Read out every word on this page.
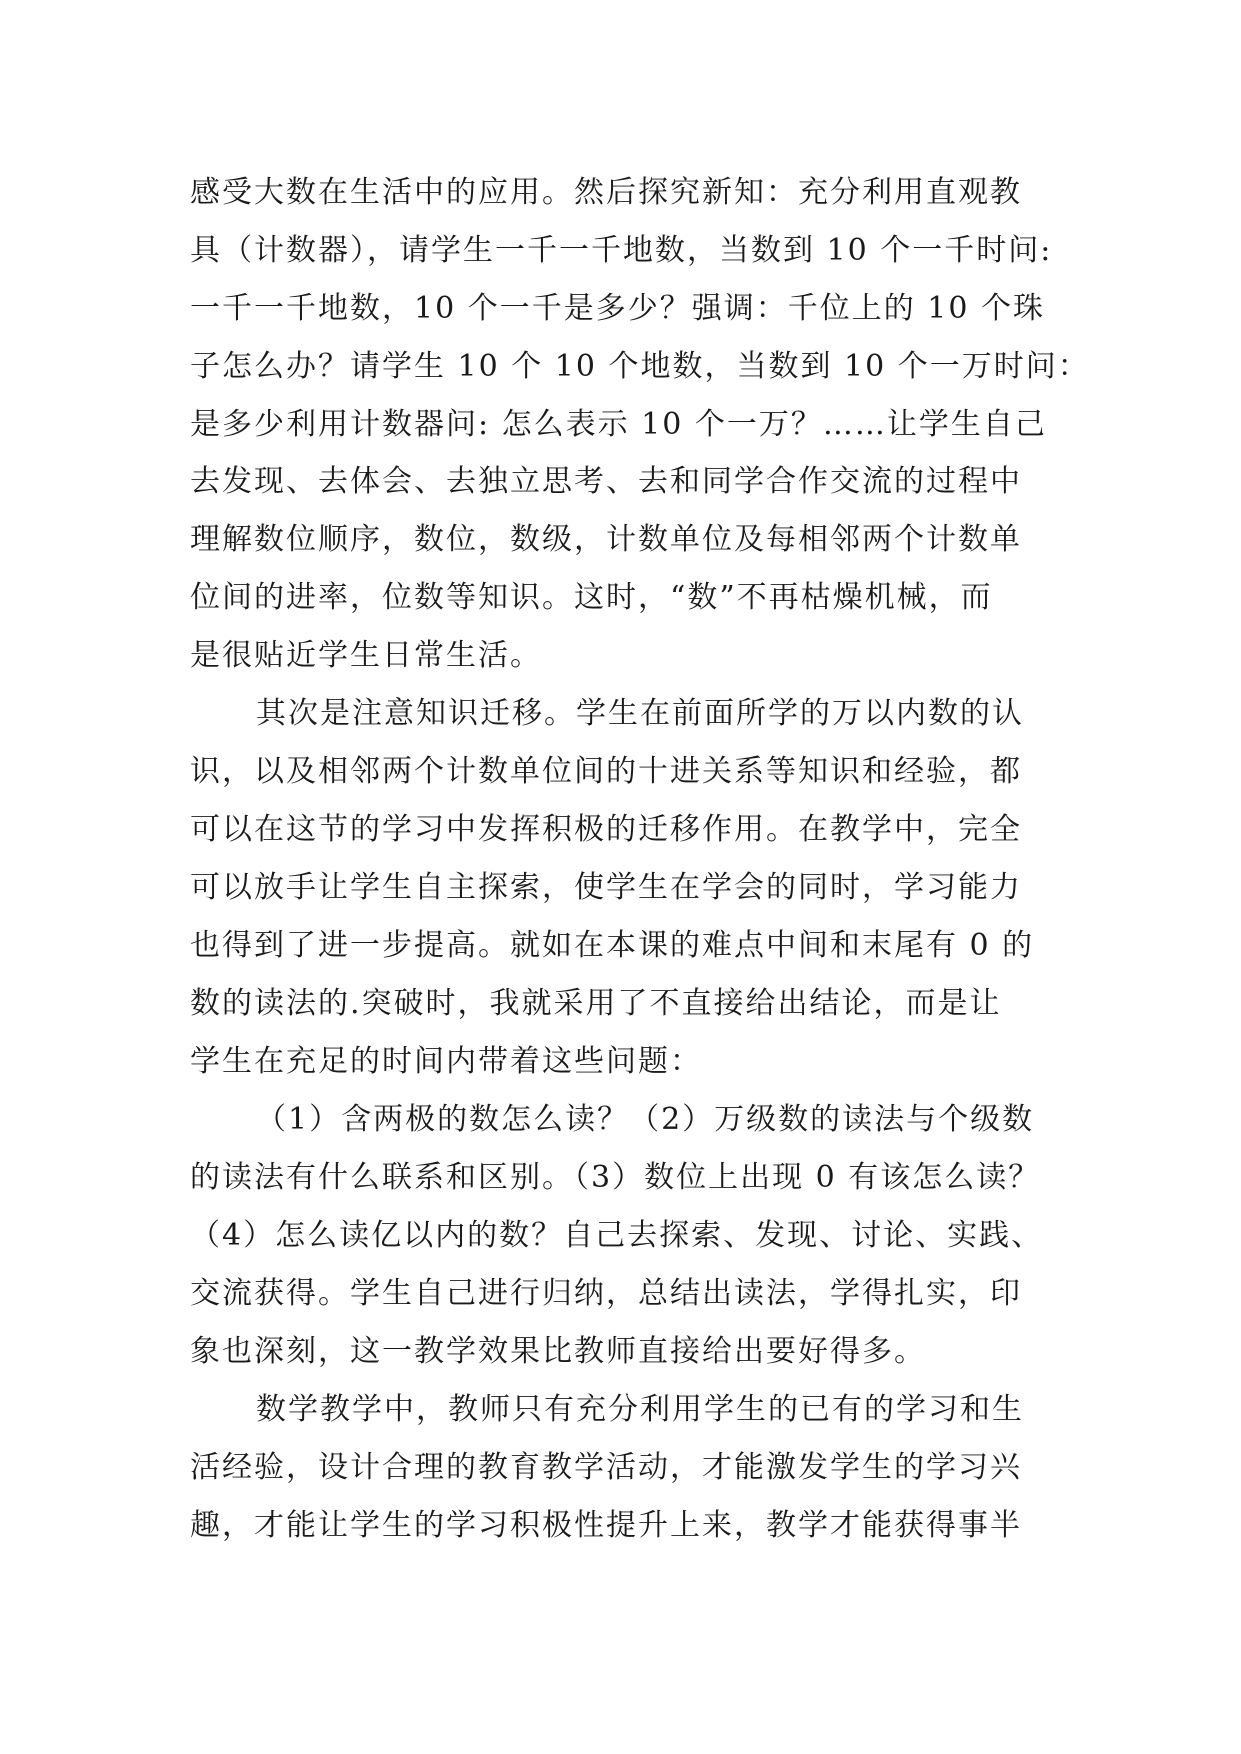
感受大数在生活中的应用。然后探究新知：充分利用直观教
具（计数器），请学生一千一千地数，当数到 10 个一千时问:
一千一千地数，10 个一千是多少？强调：千位上的 10 个珠
子怎么办？请学生 10 个 10 个地数，当数到 10 个一万时问：
是多少利用计数器问: 怎么表示 10 个一万？……让学生自己
去发现、去体会、去独立思考、去和同学合作交流的过程中
理解数位顺序，数位，数级，计数单位及每相邻两个计数单
位间的进率，位数等知识。这时，“数”不再枯燥机械，而
是很贴近学生日常生活。
其次是注意知识迁移。学生在前面所学的万以内数的认
识，以及相邻两个计数单位间的十进关系等知识和经验，都
可以在这节的学习中发挥积极的迁移作用。在教学中，完全
可以放手让学生自主探索，使学生在学会的同时，学习能力
也得到了进一步提高。就如在本课的难点中间和末尾有 0 的
数的读法的.突破时，我就采用了不直接给出结论，而是让
学生在充足的时间内带着这些问题：
（1）含两极的数怎么读？（2）万级数的读法与个级数
的读法有什么联系和区别。（3）数位上出现 0 有该怎么读？
（4）怎么读亿以内的数？自己去探索、发现、讨论、实践、
交流获得。学生自己进行归纳，总结出读法，学得扎实，印
象也深刻，这一教学效果比教师直接给出要好得多。
数学教学中，教师只有充分利用学生的已有的学习和生
活经验，设计合理的教育教学活动，才能激发学生的学习兴
趣，才能让学生的学习积极性提升上来，教学才能获得事半
